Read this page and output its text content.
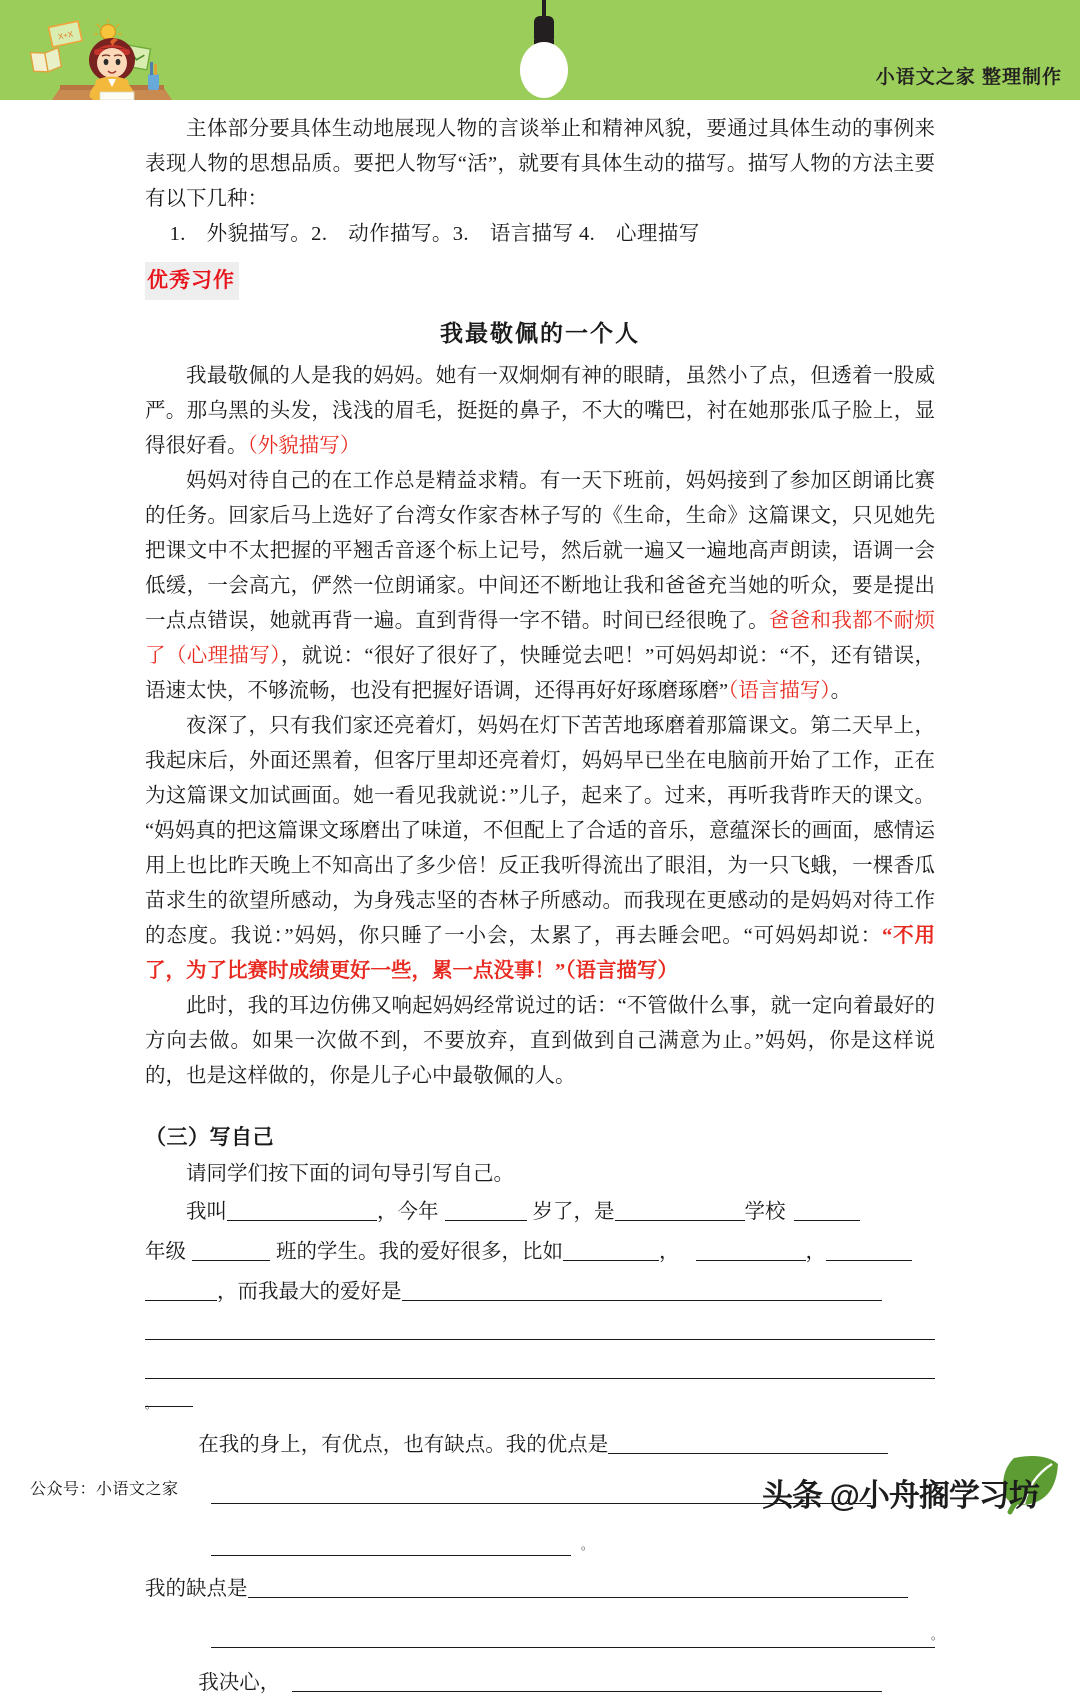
X+X
小语文之家 整理制作

主体部分要具体生动地展现人物的言谈举止和精神风貌，要通过具体生动的事例来表现人物的思想品质。要把人物写“活”，就要有具体生动的描写。描写人物的方法主要有以下几种：

1.　外貌描写。2.　动作描写。3.　语言描写 4.　心理描写

优秀习作

我最敬佩的一个人

我最敬佩的人是我的妈妈。她有一双炯炯有神的眼睛，虽然小了点，但透着一股威严。那乌黑的头发，浅浅的眉毛，挺挺的鼻子，不大的嘴巴，衬在她那张瓜子脸上，显得很好看。（外貌描写）

妈妈对待自己的在工作总是精益求精。有一天下班前，妈妈接到了参加区朗诵比赛的任务。回家后马上选好了台湾女作家杏林子写的《生命，生命》这篇课文，只见她先把课文中不太把握的平翘舌音逐个标上记号，然后就一遍又一遍地高声朗读，语调一会低缓，一会高亢，俨然一位朗诵家。中间还不断地让我和爸爸充当她的听众，要是提出一点点错误，她就再背一遍。直到背得一字不错。时间已经很晚了。爸爸和我都不耐烦了（心理描写），就说：“很好了很好了，快睡觉去吧！”可妈妈却说：“不，还有错误，语速太快，不够流畅，也没有把握好语调，还得再好好琢磨琢磨”（语言描写）。

夜深了，只有我们家还亮着灯，妈妈在灯下苦苦地琢磨着那篇课文。第二天早上，我起床后，外面还黑着，但客厅里却还亮着灯，妈妈早已坐在电脑前开始了工作，正在为这篇课文加试画面。她一看见我就说：”儿子，起来了。过来，再听我背昨天的课文。“妈妈真的把这篇课文琢磨出了味道，不但配上了合适的音乐，意蕴深长的画面，感情运用上也比昨天晚上不知高出了多少倍！反正我听得流出了眼泪，为一只飞蛾，一棵香瓜苗求生的欲望所感动，为身残志坚的杏林子所感动。而我现在更感动的是妈妈对待工作的态度。我说：”妈妈，你只睡了一小会，太累了，再去睡会吧。“可妈妈却说：“不用了，为了比赛时成绩更好一些，累一点没事！”（语言描写）

此时，我的耳边仿佛又响起妈妈经常说过的话：“不管做什么事，就一定向着最好的方向去做。如果一次做不到，不要放弃，直到做到自己满意为止。”妈妈，你是这样说的，也是这样做的，你是儿子心中最敬佩的人。

（三）写自己

请同学们按下面的词句导引写自己。

我叫	，今年	岁了，是	学校
年级	班的学生。我的爱好很多，比如	，	，
，而我最大的爱好是
。
在我的身上，有优点，也有缺点。我的优点是
。
我的缺点是
。
我决心，
公众号：小语文之家	头条 @小舟搁学习坊
